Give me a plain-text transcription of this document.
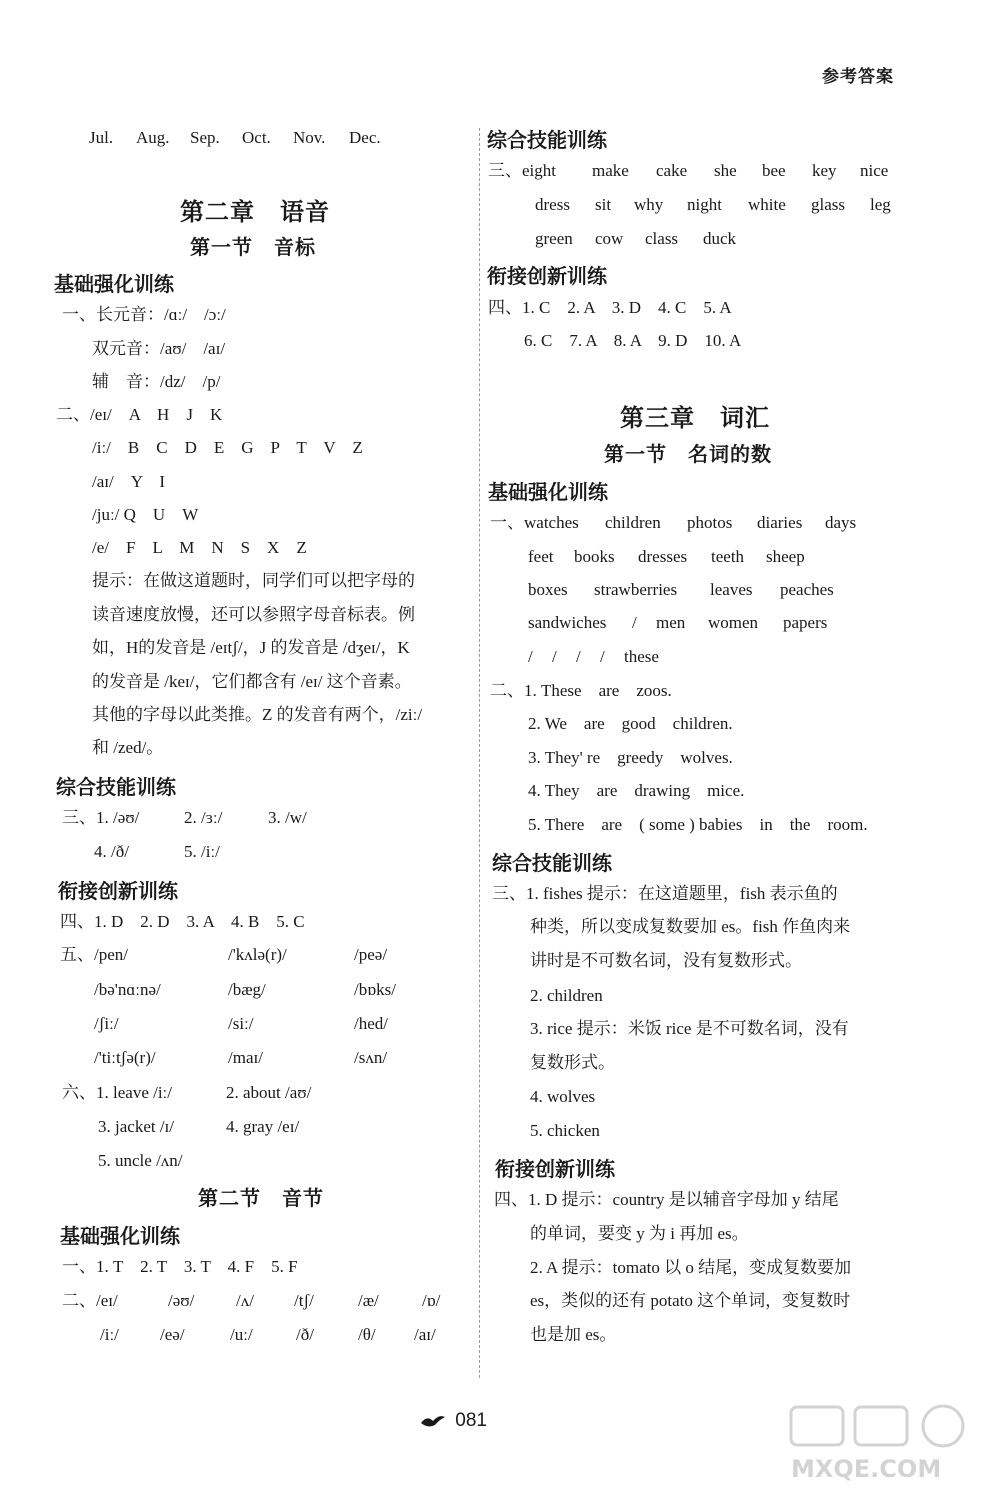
参考答案
Jul. Aug. Sep. Oct. Nov. Dec.
第二章　语音
第一节　音标
基础强化训练
一、长元音：/ɑː/　/ɔː/
双元音：/aʊ/　/aɪ/
辅　音：/dz/　/p/
二、/eɪ/　A　H　J　K
/iː/　B　C　D　E　G　P　T　V　Z
/aɪ/　Y　I
/juː/ Q　U　W
/e/　F　L　M　N　S　X　Z
提示：在做这道题时，同学们可以把字母的
读音速度放慢，还可以参照字母音标表。例
如，H的发音是 /eɪtʃ/，J 的发音是 /dʒeɪ/，K
的发音是 /keɪ/，它们都含有 /eɪ/ 这个音素。
其他的字母以此类推。Z 的发音有两个，/ziː/
和 /zed/。
综合技能训练
三、1. /əʊ/	2. /ɜː/	3. /w/
4. /ð/	5. /iː/
衔接创新训练
四、1. D　2. D　3. A　4. B　5. C
五、/pen/	/'kʌlə(r)/	/peə/
/bə'nɑːnə/	/bæg/	/bɒks/
/ʃiː/	/siː/	/hed/
/'tiːtʃə(r)/	/maɪ/	/sʌn/
六、1. leave /iː/	2. about /aʊ/
3. jacket /ɪ/	4. gray /eɪ/
5. uncle /ʌn/
第二节　音节
基础强化训练
一、1. T　2. T　3. T　4. F　5. F
二、/eɪ/	/əʊ/ /ʌ/ /tʃ/	/æ/	/ɒ/
/iː/ /eə/	/uː/	/ð/	/θ/ /aɪ/
综合技能训练
三、eight make cake she bee key nice
dress sit why night white glass leg
green cow class duck
衔接创新训练
四、1. C　2. A　3. D　4. C　5. A
6. C　7. A　8. A　9. D　10. A
第三章　词汇
第一节　名词的数
基础强化训练
一、watches children photos diaries days
feet books dresses teeth sheep
boxes strawberries leaves peaches
sandwiches / men women papers
/ / / / these
二、1. These　are　zoos.
2. We　are　good　children.
3. They' re　greedy　wolves.
4. They　are　drawing　mice.
5. There　are　( some ) babies　in　the　room.
综合技能训练
三、1. fishes 提示：在这道题里，fish 表示鱼的
种类，所以变成复数要加 es。fish 作鱼肉来
讲时是不可数名词，没有复数形式。
2. children
3. rice 提示：米饭 rice 是不可数名词，没有
复数形式。
4. wolves
5. chicken
衔接创新训练
四、1. D 提示：country 是以辅音字母加 y 结尾
的单词，要变 y 为 i 再加 es。
2. A 提示：tomato 以 o 结尾，变成复数要加
es，类似的还有 potato 这个单词，变复数时
也是加 es。
081
MXQE.COM
